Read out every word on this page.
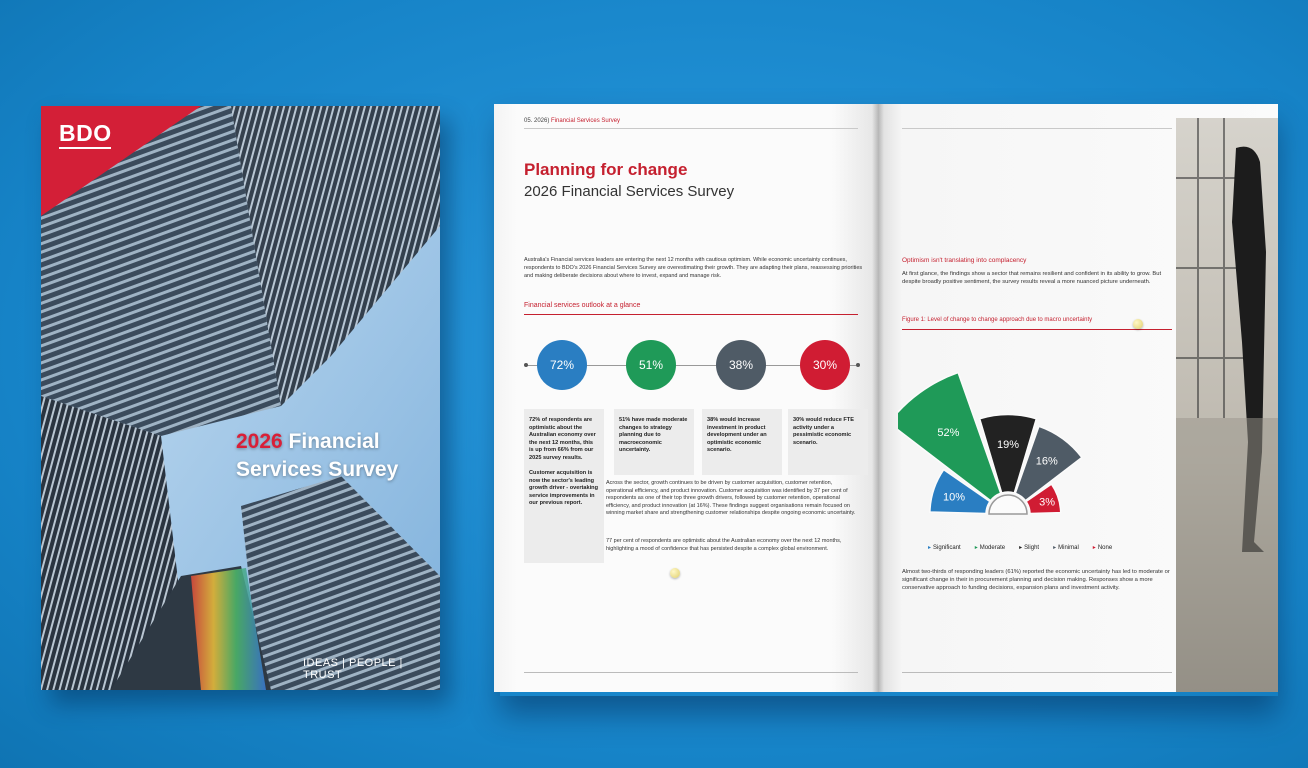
BDO
2026 Financial
Services Survey
IDEAS | PEOPLE | TRUST
05. 2026) Financial Services Survey
Planning for change
2026 Financial Services Survey
Australia's Financial services leaders are entering the next 12 months with cautious optimism. While economic uncertainty continues, respondents to BDO's 2026 Financial Services Survey are overestimating their growth. They are adapting their plans, reassessing priorities and making deliberate decisions about where to invest, expand and manage risk.
Financial services outlook at a glance
72%	51%	38%	30%

72% of respondents are optimistic about the Australian economy over the next 12 months, this is up from 66% from our 2025 survey results.

Customer acquisition is now the sector's leading growth driver - overtaking service improvements in our previous report.

51% have made moderate changes to strategy planning due to macroeconomic uncertainty.

38% would increase investment in product development under an optimistic economic scenario.

30% would reduce FTE activity under a pessimistic economic scenario.

Across the sector, growth continues to be driven by customer acquisition, customer retention, operational efficiency, and product innovation. Customer acquisition was identified by 37 per cent of respondents as one of their top three growth drivers, followed by customer retention, operational efficiency, and product innovation (at 16%). These findings suggest organisations remain focused on winning market share and strengthening customer relationships despite ongoing economic uncertainty.
77 per cent of respondents are optimistic about the Australian economy over the next 12 months, highlighting a mood of confidence that has persisted despite a complex global environment.
Optimism isn't translating into complacency
At first glance, the findings show a sector that remains resilient and confident in its ability to grow. But despite broadly positive sentiment, the survey results reveal a more nuanced picture underneath.
Figure 1: Level of change to change approach due to macro uncertainty
10%
52%
19%
16%
3%
▸ Significant ▸ Moderate ▸ Slight ▸ Minimal ▸ None
Almost two-thirds of responding leaders (61%) reported the economic uncertainty has led to moderate or significant change in their in procurement planning and decision making. Responses show a more conservative approach to funding decisions, expansion plans and investment activity.
